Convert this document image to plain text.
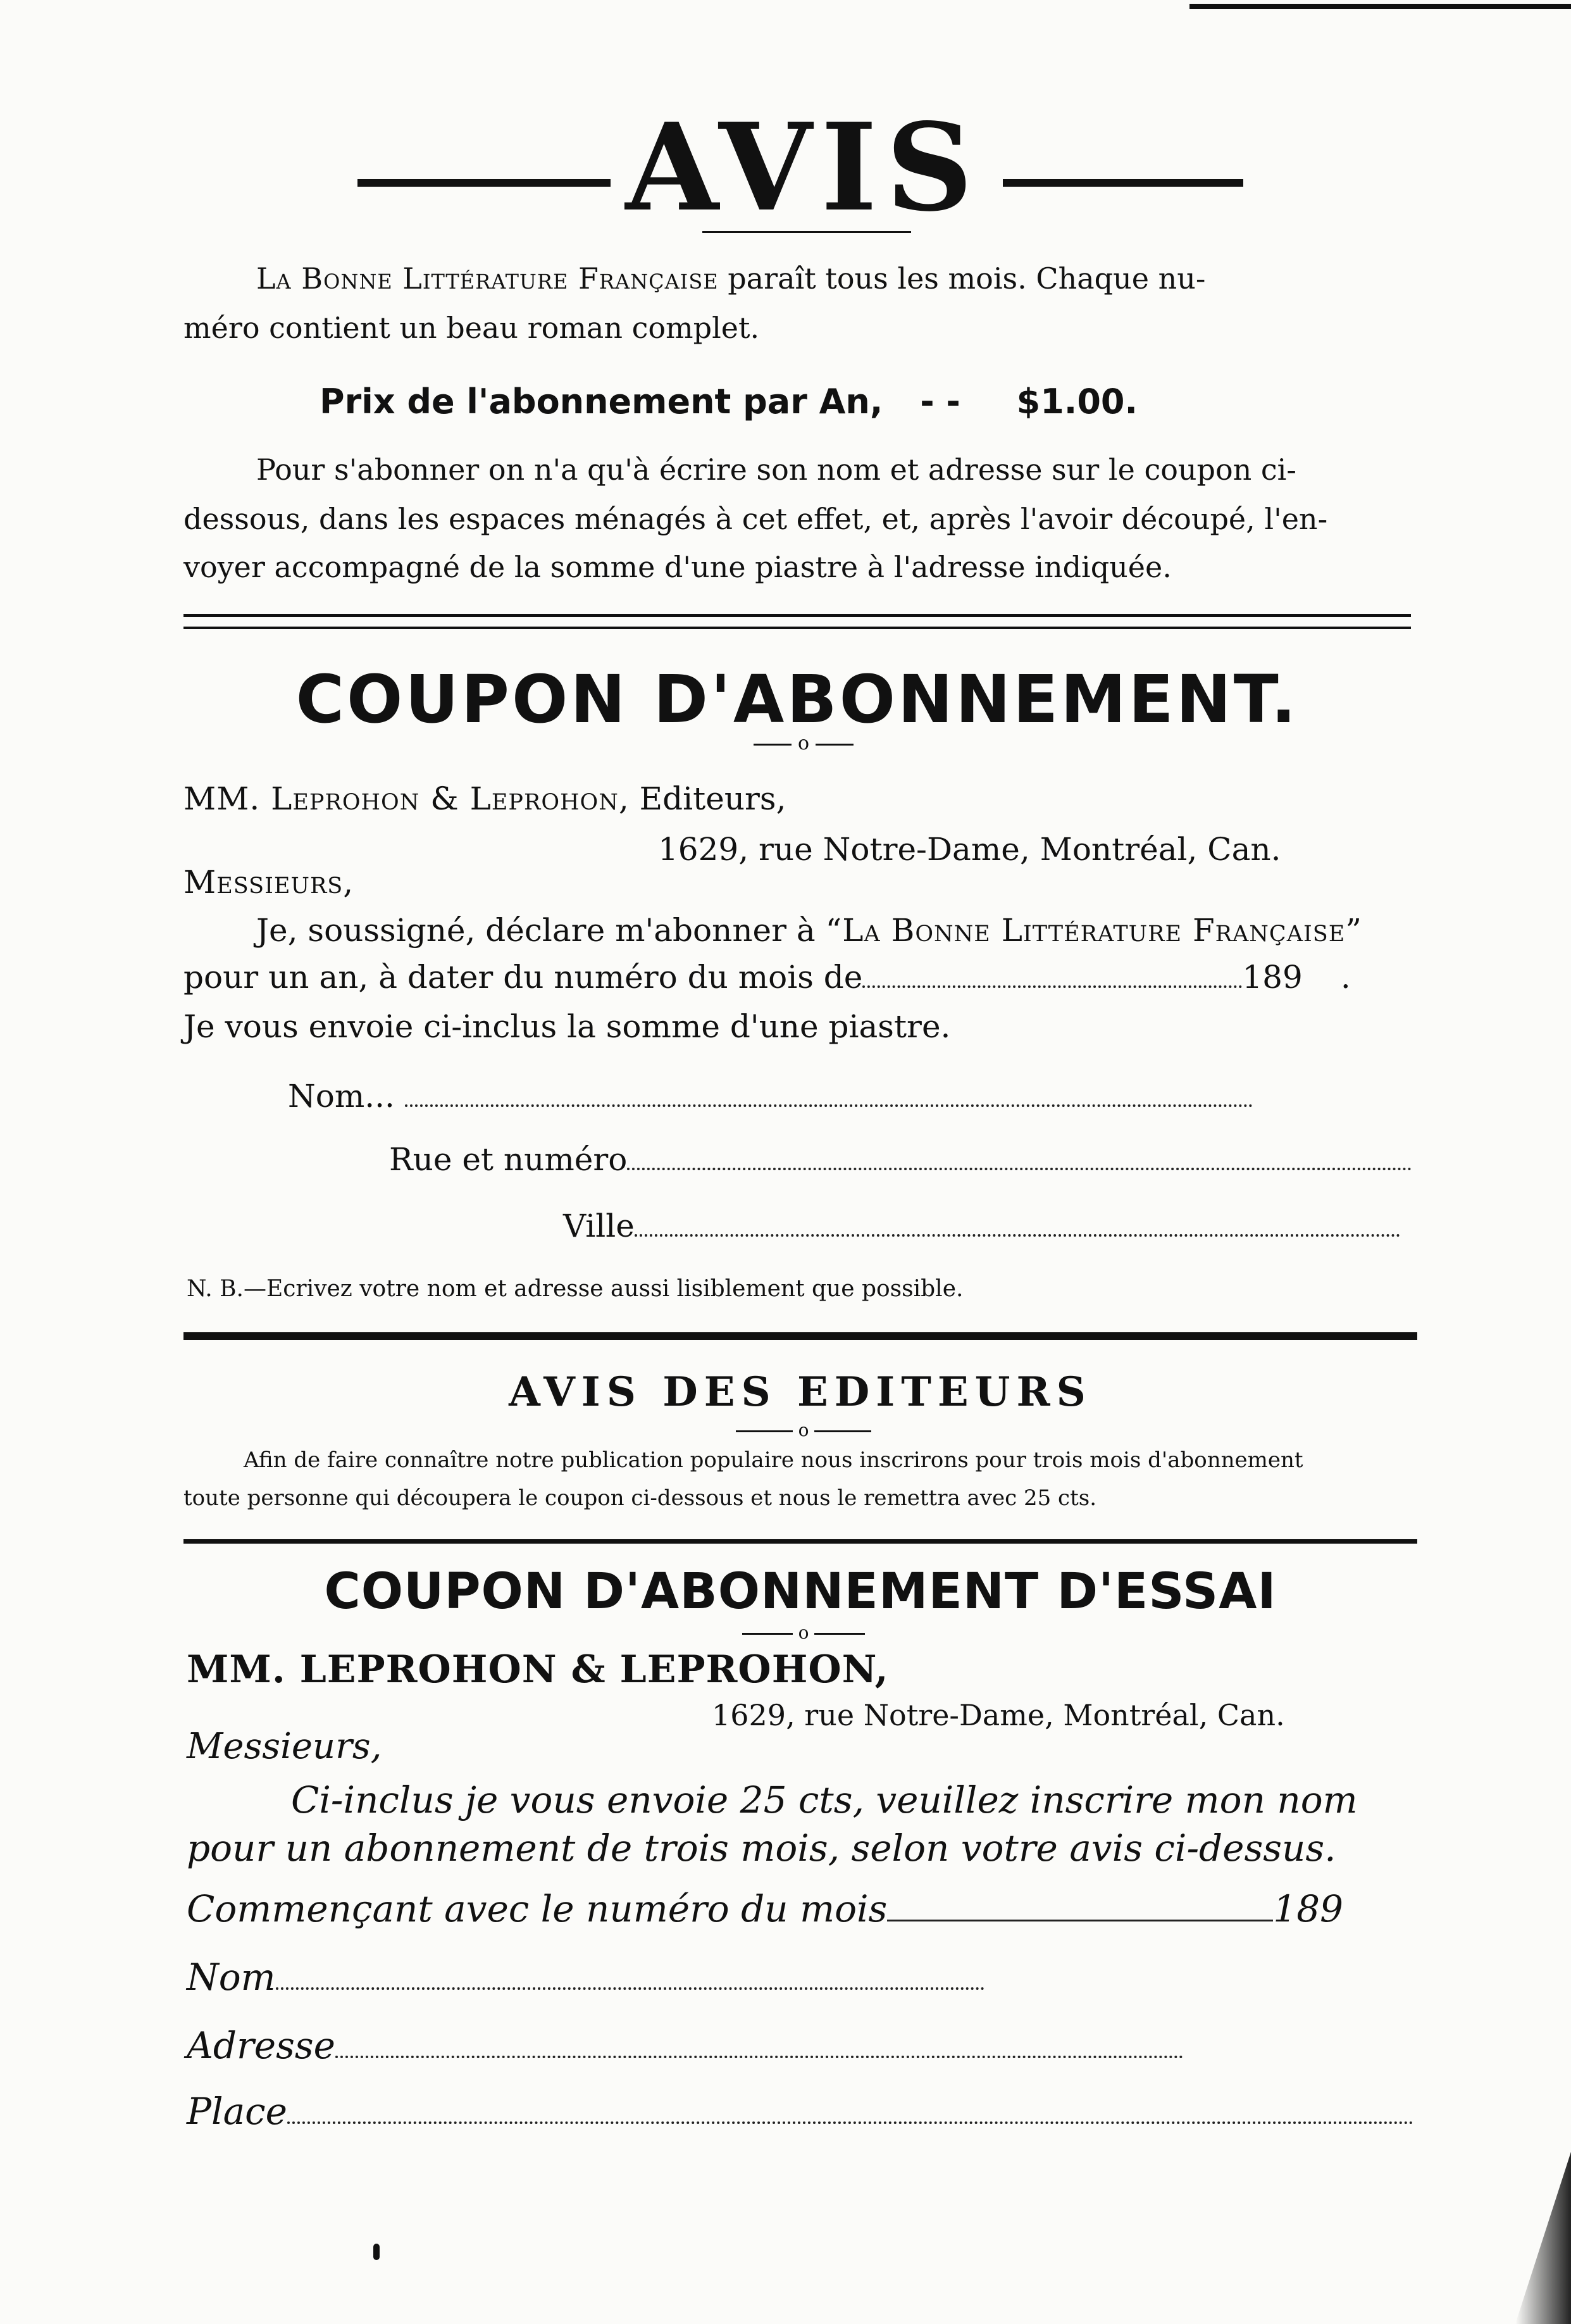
AVIS
La Bonne Littérature Française paraît tous les mois. Chaque nu-
méro contient un beau roman complet.
Prix de l'abonnement par An, - - $1.00.
Pour s'abonner on n'a qu'à écrire son nom et adresse sur le coupon ci-
dessous, dans les espaces ménagés à cet effet, et, après l'avoir découpé, l'en-
voyer accompagné de la somme d'une piastre à l'adresse indiquée.
COUPON D'ABONNEMENT.
o
MM. Leprohon & Leprohon, Editeurs,
1629, rue Notre-Dame, Montréal, Can.
Messieurs,
Je, soussigné, déclare m'abonner à “La Bonne Littérature Française”
pour un an, à dater du numéro du mois de	189 .
Je vous envoie ci-inclus la somme d'une piastre.
Nom...
Rue et numéro
Ville
N. B.—Ecrivez votre nom et adresse aussi lisiblement que possible.
AVIS DES EDITEURS
o
Afin de faire connaître notre publication populaire nous inscrirons pour trois mois d'abonnement
toute personne qui découpera le coupon ci-dessous et nous le remettra avec 25 cts.
COUPON D'ABONNEMENT D'ESSAI
o
MM. LEPROHON & LEPROHON,
1629, rue Notre-Dame, Montréal, Can.
Messieurs,
Ci-inclus je vous envoie 25 cts, veuillez inscrire mon nom
pour un abonnement de trois mois, selon votre avis ci-dessus.
Commençant avec le numéro du mois	189
Nom
Adresse
Place
